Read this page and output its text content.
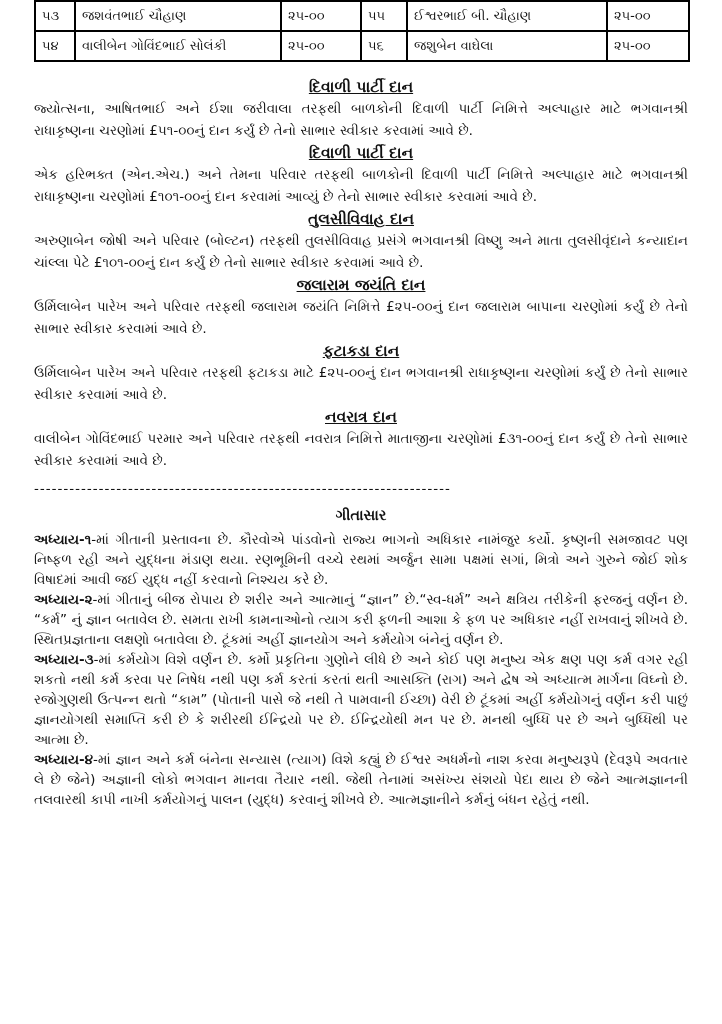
૫૩	જશવંતભાઈ ચૌહાણ	૨૫-૦૦	૫૫	ઈશ્વરભાઈ બી. ચૌહાણ	૨૫-૦૦
૫૪	વાલીબેન ગોવિંદભાઈ સોલંકી	૨૫-૦૦	૫૬	જશુબેન વાઘેલા	૨૫-૦૦
દિવાળી પાર્ટી દાન

જ્યોત્સના, આષિતભાઈ અને ઈશા જરીવાલા તરફથી બાળકોની દિવાળી પાર્ટી નિમિત્તે અલ્પાહાર માટે ભગવાનશ્રી રાધાકૃષ્ણના ચરણોમાં £૫૧-૦૦નું દાન કર્યું છે તેનો સાભાર સ્વીકાર કરવામાં આવે છે.

દિવાળી પાર્ટી દાન

એક હરિભક્ત (એન.એચ.) અને તેમના પરિવાર તરફથી બાળકોની દિવાળી પાર્ટી નિમિત્તે અલ્પાહાર માટે ભગવાનશ્રી રાધાકૃષ્ણના ચરણોમાં £૧૦૧-૦૦નું દાન કરવામાં આવ્યું છે તેનો સાભાર સ્વીકાર કરવામાં આવે છે.

તુલસીવિવાહ દાન

અરુણાબેન જોષી અને પરિવાર (બોલ્ટન) તરફથી તુલસીવિવાહ પ્રસંગે ભગવાનશ્રી વિષ્ણુ અને માતા તુલસીવૃંદાને કન્યાદાન ચાંલ્લા પેટે £૧૦૧-૦૦નું દાન કર્યું છે તેનો સાભાર સ્વીકાર કરવામાં આવે છે.

જલારામ જયંતિ દાન

ઉર્મિલાબેન પારેખ અને પરિવાર તરફથી જલારામ જયંતિ નિમિત્તે £૨૫-૦૦નું દાન જલારામ બાપાના ચરણોમાં કર્યું છે તેનો સાભાર સ્વીકાર કરવામાં આવે છે.

ફટાકડા દાન

ઉર્મિલાબેન પારેખ અને પરિવાર તરફથી ફટાકડા માટે £૨૫-૦૦નું દાન ભગવાનશ્રી રાધાકૃષ્ણના ચરણોમાં કર્યું છે તેનો સાભાર સ્વીકાર કરવામાં આવે છે.

નવરાત્ર દાન

વાલીબેન ગોવિંદભાઈ પરમાર અને પરિવાર તરફથી નવરાત્ર નિમિત્તે માતાજીના ચરણોમાં £૩૧-૦૦નું દાન કર્યું છે તેનો સાભાર સ્વીકાર કરવામાં આવે છે.

-----------------------------------------------------------------------
ગીતાસાર

અધ્યાય-૧-માં ગીતાની પ્રસ્તાવના છે. કૌરવોએ પાંડવોનો રાજ્ય ભાગનો અધિકાર નામંજુર કર્યો. કૃષ્ણની સમજાવટ પણ નિષ્ફળ રહી અને યુદ્ધના મંડાણ થયા. રણભૂમિની વચ્ચે રથમાં અર્જુન સામા પક્ષમાં સગાં, મિત્રો અને ગુરુને જોઈ શોક વિષાદમાં આવી જઈ યુદ્ધ નહીં કરવાનો નિશ્ચય કરે છે.

અધ્યાય-૨-માં ગીતાનું બીજ રોપાય છે શરીર અને આત્માનું “જ્ઞાન” છે.“સ્વ-ધર્મ” અને ક્ષત્રિય તરીકેની ફરજનું વર્ણન છે. “કર્મ” નું જ્ઞાન બતાવેલ છે. સમતા રાખી કામનાઓનો ત્યાગ કરી ફળની આશા કે ફળ પર અધિકાર નહીં રાખવાનું શીખવે છે. સ્થિતપ્રજ્ઞતાના લક્ષણો બતાવેલા છે. ટૂંકમાં અહીં જ્ઞાનયોગ અને કર્મયોગ બંનેનું વર્ણન છે.

અધ્યાય-૩-માં કર્મયોગ વિશે વર્ણન છે. કર્મો પ્રકૃતિના ગુણોને લીધે છે અને કોઈ પણ મનુષ્ય એક ક્ષણ પણ કર્મ વગર રહી શકતો નથી કર્મ કરવા પર નિષેધ નથી પણ કર્મ કરતાં કરતાં થતી આસક્તિ (રાગ) અને દ્વેષ એ અધ્યાત્મ માર્ગના વિઘ્નો છે. રજોગુણથી ઉત્પન્ન થતો “કામ” (પોતાની પાસે જે નથી તે પામવાની ઈચ્છા) વેરી છે ટૂંકમાં અહીં કર્મયોગનું વર્ણન કરી પાછું જ્ઞાનયોગથી સમાપ્તિ કરી છે કે શરીરથી ઈન્દ્રિયો પર છે. ઈન્દ્રિયોથી મન પર છે. મનથી બુધ્ધિ પર છે અને બુધ્ધિથી પર આત્મા છે.

અધ્યાય-૪-માં જ્ઞાન અને કર્મ બંનેના સન્યાસ (ત્યાગ) વિશે કહ્યું છે ઈશ્વર અધર્મનો નાશ કરવા મનુષ્યરૂપે (દેવરૂપે અવતાર લે છે જેને) અજ્ઞાની લોકો ભગવાન માનવા તૈયાર નથી. જેથી તેનામાં અસંખ્ય સંશયો પેદા થાય છે જેને આત્મજ્ઞાનની તલવારથી કાપી નાખી કર્મયોગનું પાલન (યુદ્ધ) કરવાનું શીખવે છે. આત્મજ્ઞાનીને કર્મનું બંધન રહેતું નથી.
